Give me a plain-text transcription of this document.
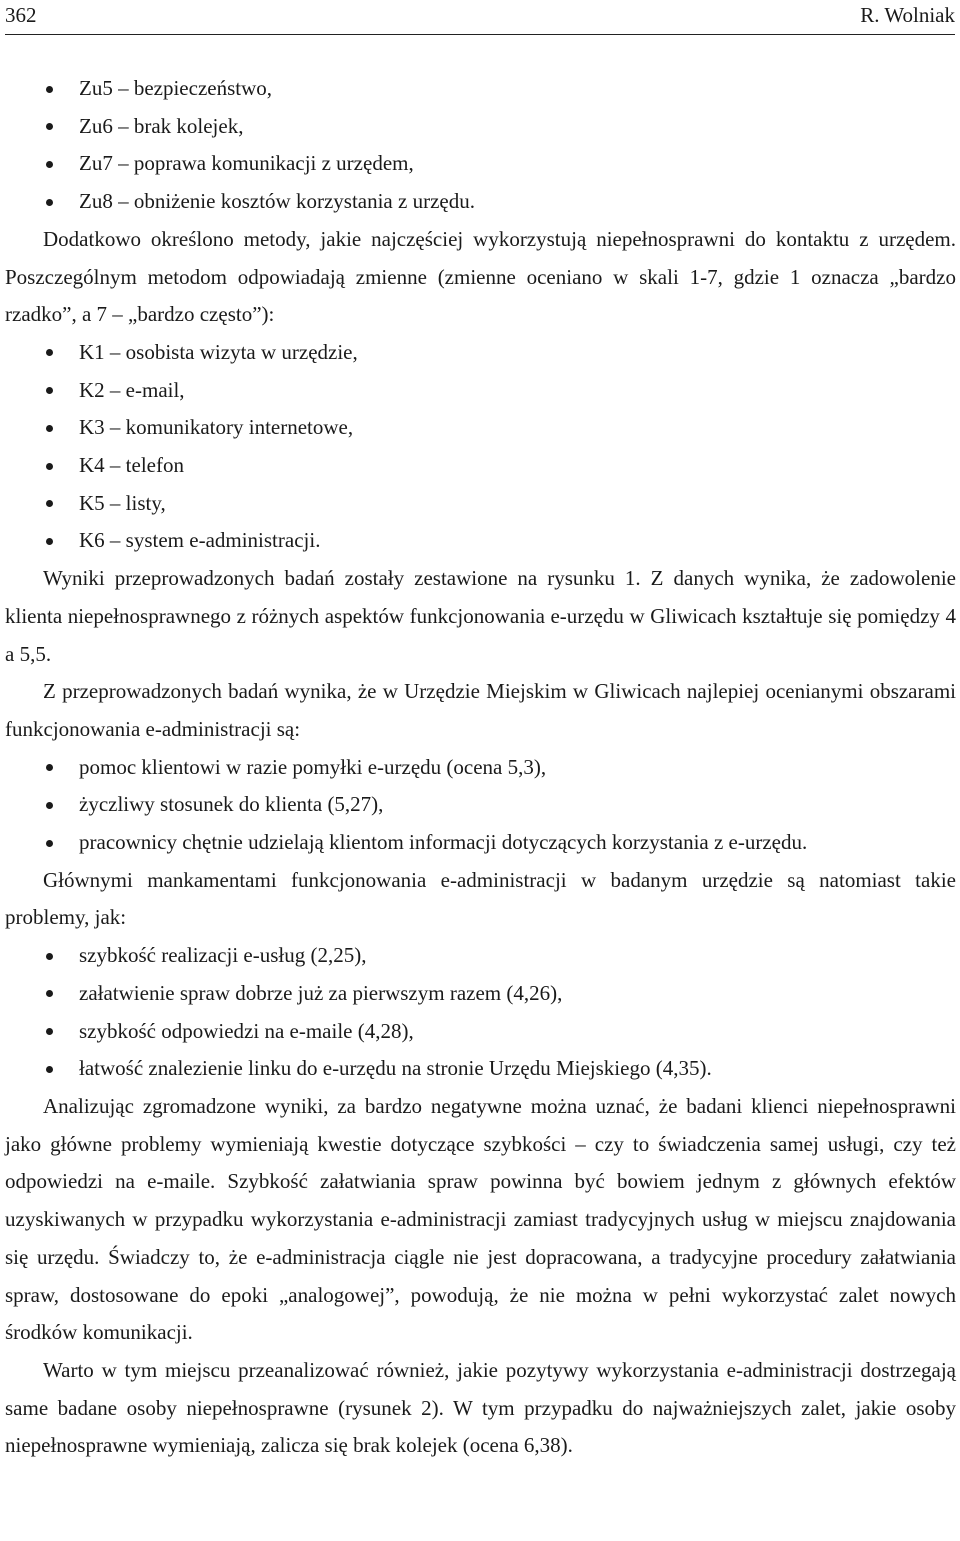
362	R. Wolniak
Zu5 – bezpieczeństwo,
Zu6 – brak kolejek,
Zu7 – poprawa komunikacji z urzędem,
Zu8 – obniżenie kosztów korzystania z urzędu.

Dodatkowo określono metody, jakie najczęściej wykorzystują niepełnosprawni do kontaktu z urzędem. Poszczególnym metodom odpowiadają zmienne (zmienne oceniano w skali 1-7, gdzie 1 oznacza „bardzo rzadko”, a 7 – „bardzo często”):

K1 – osobista wizyta w urzędzie,
K2 – e-mail,
K3 – komunikatory internetowe,
K4 – telefon
K5 – listy,
K6 – system e-administracji.

Wyniki przeprowadzonych badań zostały zestawione na rysunku 1. Z danych wynika, że zadowolenie klienta niepełnosprawnego z różnych aspektów funkcjonowania e-urzędu w Gliwicach kształtuje się pomiędzy 4 a 5,5.

Z przeprowadzonych badań wynika, że w Urzędzie Miejskim w Gliwicach najlepiej ocenianymi obszarami funkcjonowania e-administracji są:

pomoc klientowi w razie pomyłki e-urzędu (ocena 5,3),
życzliwy stosunek do klienta (5,27),
pracownicy chętnie udzielają klientom informacji dotyczących korzystania z e-urzędu.

Głównymi mankamentami funkcjonowania e-administracji w badanym urzędzie są natomiast takie problemy, jak:

szybkość realizacji e-usług (2,25),
załatwienie spraw dobrze już za pierwszym razem (4,26),
szybkość odpowiedzi na e-maile (4,28),
łatwość znalezienie linku do e-urzędu na stronie Urzędu Miejskiego (4,35).

Analizując zgromadzone wyniki, za bardzo negatywne można uznać, że badani klienci niepełnosprawni jako główne problemy wymieniają kwestie dotyczące szybkości – czy to świadczenia samej usługi, czy też odpowiedzi na e-maile. Szybkość załatwiania spraw powinna być bowiem jednym z głównych efektów uzyskiwanych w przypadku wykorzystania e-administracji zamiast tradycyjnych usług w miejscu znajdowania się urzędu. Świadczy to, że e-administracja ciągle nie jest dopracowana, a tradycyjne procedury załatwiania spraw, dostosowane do epoki „analogowej”, powodują, że nie można w pełni wykorzystać zalet nowych środków komunikacji.

Warto w tym miejscu przeanalizować również, jakie pozytywy wykorzystania e-administracji dostrzegają same badane osoby niepełnosprawne (rysunek 2). W tym przypadku do najważniejszych zalet, jakie osoby niepełnosprawne wymieniają, zalicza się brak kolejek (ocena 6,38).
